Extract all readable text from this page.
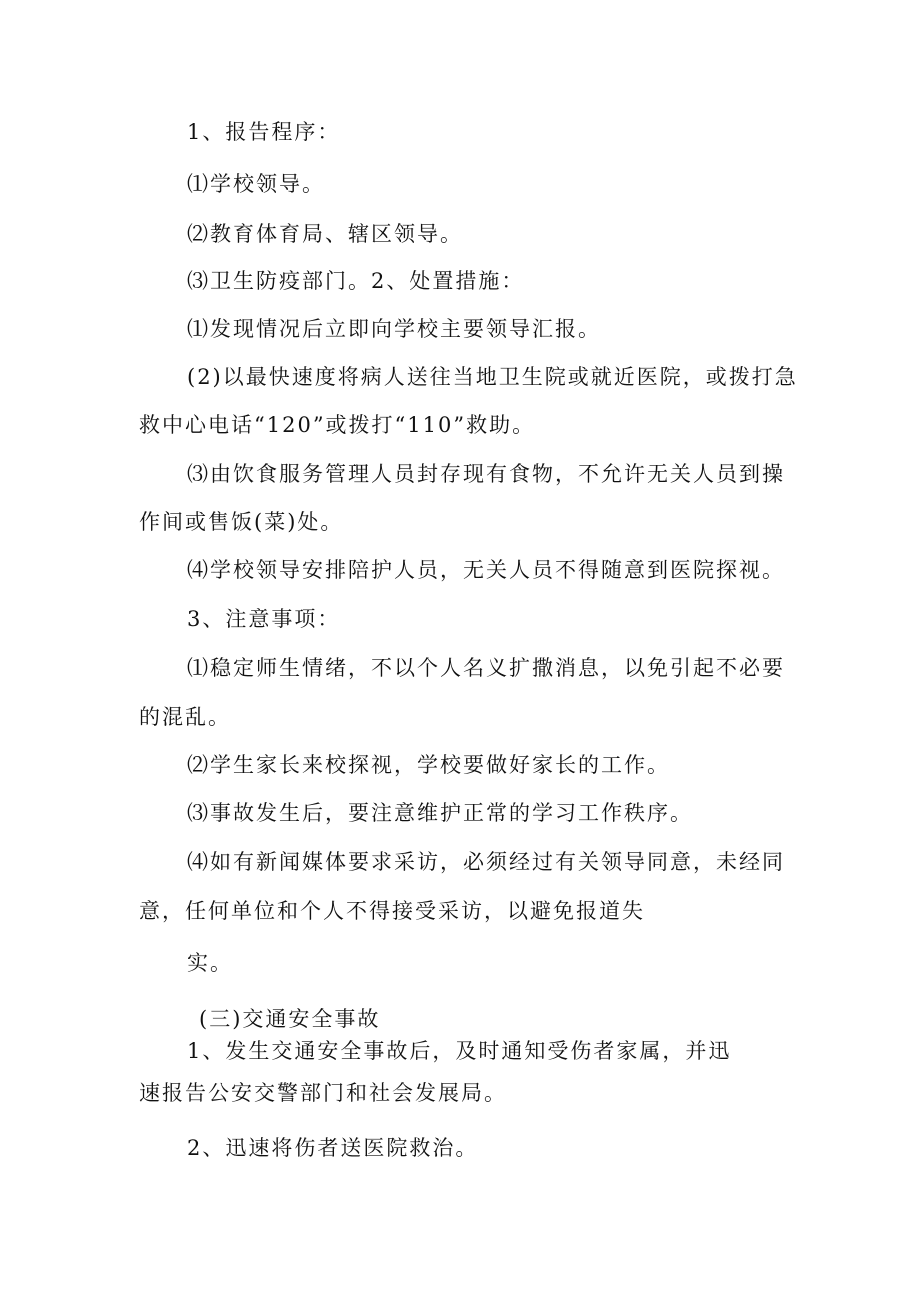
1、报告程序：
⑴学校领导。
⑵教育体育局、辖区领导。
⑶卫生防疫部门。2、处置措施：
⑴发现情况后立即向学校主要领导汇报。
(2)以最快速度将病人送往当地卫生院或就近医院，或拨打急
救中心电话“120”或拨打“110”救助。
⑶由饮食服务管理人员封存现有食物，不允许无关人员到操
作间或售饭(菜)处。
⑷学校领导安排陪护人员，无关人员不得随意到医院探视。
3、注意事项：
⑴稳定师生情绪，不以个人名义扩撒消息，以免引起不必要
的混乱。
⑵学生家长来校探视，学校要做好家长的工作。
⑶事故发生后，要注意维护正常的学习工作秩序。
⑷如有新闻媒体要求采访，必须经过有关领导同意，未经同
意，任何单位和个人不得接受采访，以避免报道失
实。
(三)交通安全事故
1、发生交通安全事故后，及时通知受伤者家属，并迅
速报告公安交警部门和社会发展局。
2、迅速将伤者送医院救治。
